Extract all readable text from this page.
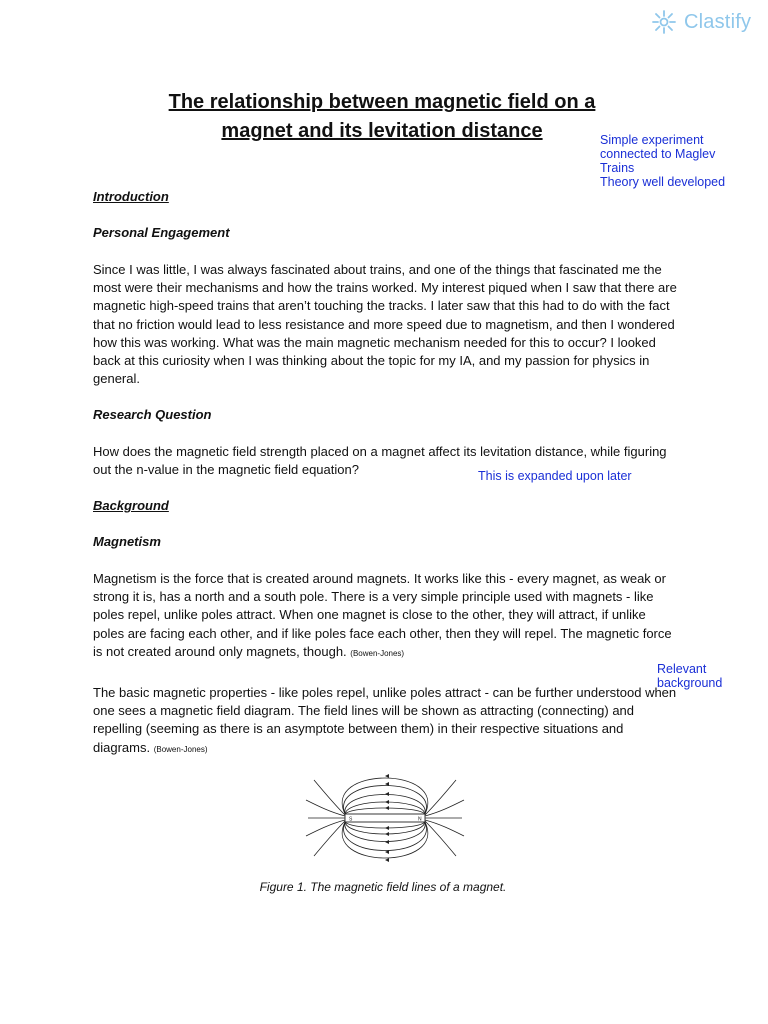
Clastify
The relationship between magnetic field on a
magnet and its levitation distance	Simple experiment
connected to Maglev
Trains
Theory well developed
This is expanded upon later
Relevant
background
Introduction
Personal Engagement
Since I was little, I was always fascinated about trains, and one of the things that fascinated me the most were their mechanisms and how the trains worked. My interest piqued when I saw that there are magnetic high-speed trains that aren’t touching the tracks. I later saw that this had to do with the fact that no friction would lead to less resistance and more speed due to magnetism, and then I wondered how this was working. What was the main magnetic mechanism needed for this to occur? I looked back at this curiosity when I was thinking about the topic for my IA, and my passion for physics in general.
Research Question
How does the magnetic field strength placed on a magnet affect its levitation distance, while figuring out the n-value in the magnetic field equation?
Background
Magnetism
Magnetism is the force that is created around magnets. It works like this - every magnet, as weak or strong it is, has a north and a south pole. There is a very simple principle used with magnets - like poles repel, unlike poles attract. When one magnet is close to the other, they will attract, if unlike poles are facing each other, and if like poles face each other, then they will repel. The magnetic force is not created around only magnets, though. (Bowen-Jones)
The basic magnetic properties - like poles repel, unlike poles attract - can be further understood when one sees a magnetic field diagram. The field lines will be shown as attracting (connecting) and repelling (seeming as there is an asymptote between them) in their respective situations and diagrams. (Bowen-Jones)
S	N
Figure 1. The magnetic field lines of a magnet.
